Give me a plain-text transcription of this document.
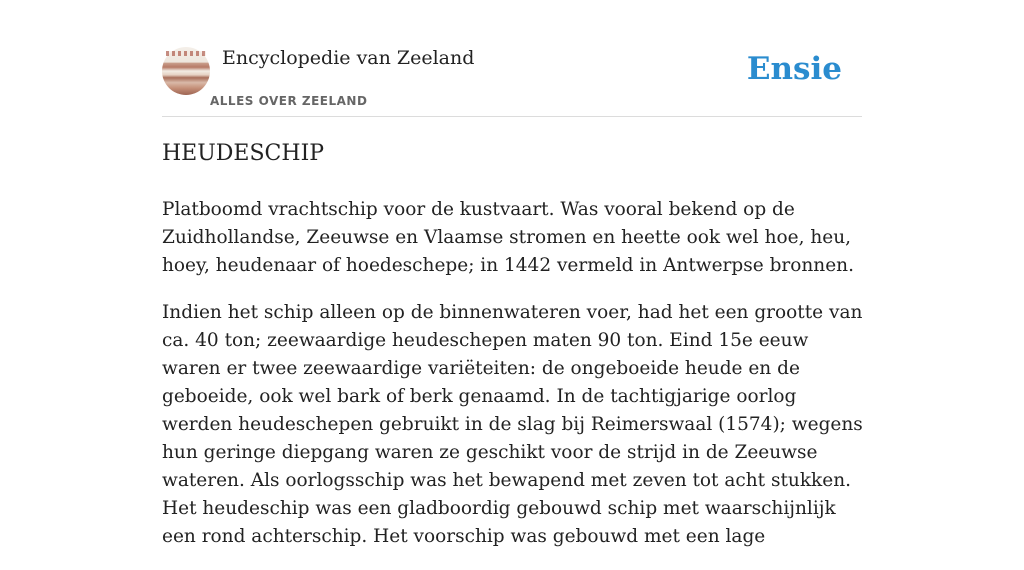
Encyclopedie van Zeeland
ALLES OVER ZEELAND
Ensie
HEUDESCHIP

Platboomd vrachtschip voor de kustvaart. Was vooral bekend op de Zuidhollandse, Zeeuwse en Vlaamse stromen en heette ook wel hoe, heu, hoey, heudenaar of hoedeschepe; in 1442 vermeld in Antwerpse bronnen.

Indien het schip alleen op de binnenwateren voer, had het een grootte van ca. 40 ton; zeewaardige heudeschepen maten 90 ton. Eind 15e eeuw waren er twee zeewaardige variëteiten: de ongeboeide heude en de geboeide, ook wel bark of berk genaamd. In de tachtigjarige oorlog werden heudeschepen gebruikt in de slag bij Reimerswaal (1574); wegens hun geringe diepgang waren ze geschikt voor de strijd in de Zeeuwse wateren. Als oorlogsschip was het bewapend met zeven tot acht stukken. Het heudeschip was een gladboordig gebouwd schip met waarschijnlijk een rond achterschip. Het voorschip was gebouwd met een lage
